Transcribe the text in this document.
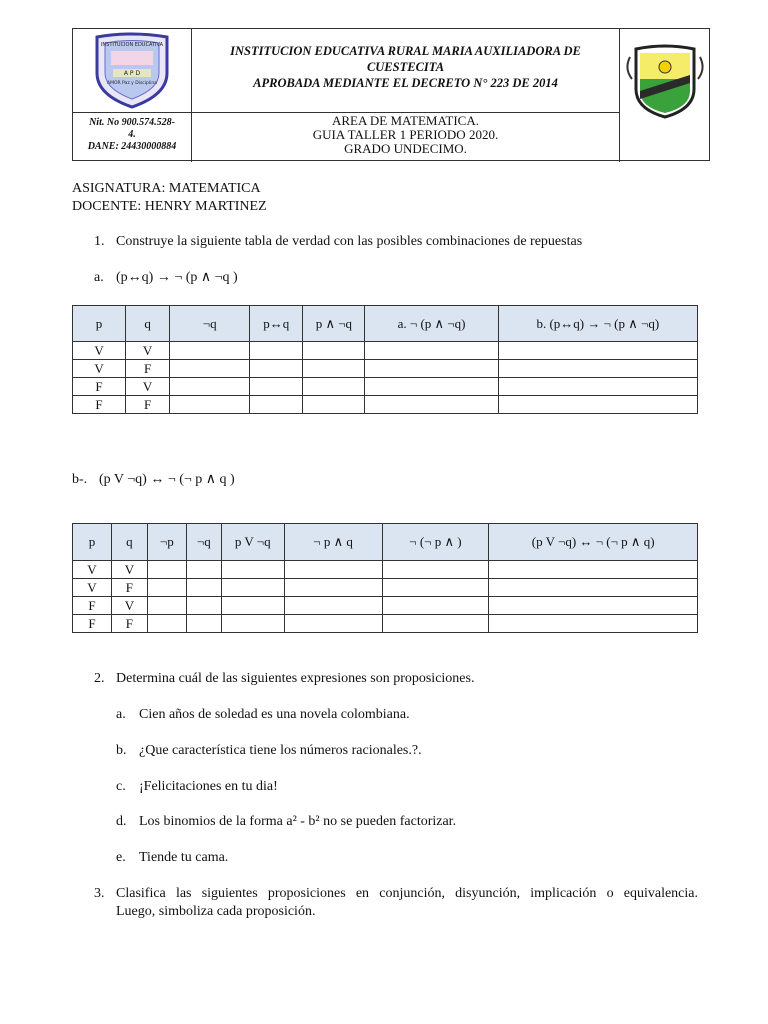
INSTITUCION EDUCATIVA
A P D
AMOR Paz y Disciplina
Nit. No 900.574.528-
4.
DANE: 24430000884
INSTITUCION EDUCATIVA RURAL MARIA AUXILIADORA DE
CUESTECITA
APROBADA MEDIANTE EL DECRETO N° 223 DE 2014
AREA DE MATEMATICA.
GUIA TALLER 1 PERIODO 2020.
GRADO UNDECIMO.
ASIGNATURA: MATEMATICA
DOCENTE: HENRY MARTINEZ
1. Construye la siguiente tabla de verdad con las posibles combinaciones de repuestas
a. (p↔q) → ¬ (p ∧ ¬q )
p	q	¬q	p↔q	p ∧ ¬q	a. ¬ (p ∧ ¬q)	b. (p↔q) → ¬ (p ∧ ¬q)
V	V					
V	F					
F	V					
F	F					
b-. (p V ¬q) ↔ ¬ (¬ p ∧ q )
p	q	¬p	¬q	p V ¬q	¬ p ∧ q	¬ (¬ p ∧ )	(p V ¬q) ↔ ¬ (¬ p ∧ q)
V	V						
V	F						
F	V						
F	F						
2. Determina cuál de las siguientes expresiones son proposiciones.
a. Cien años de soledad es una novela colombiana.
b. ¿Que característica tiene los números racionales.?.
c. ¡Felicitaciones en tu dia!
d. Los binomios de la forma a² - b² no se pueden factorizar.
e. Tiende tu cama.
3. Clasifica las siguientes proposiciones en conjunción, disyunción, implicación o equivalencia.
Luego, simboliza cada proposición.
